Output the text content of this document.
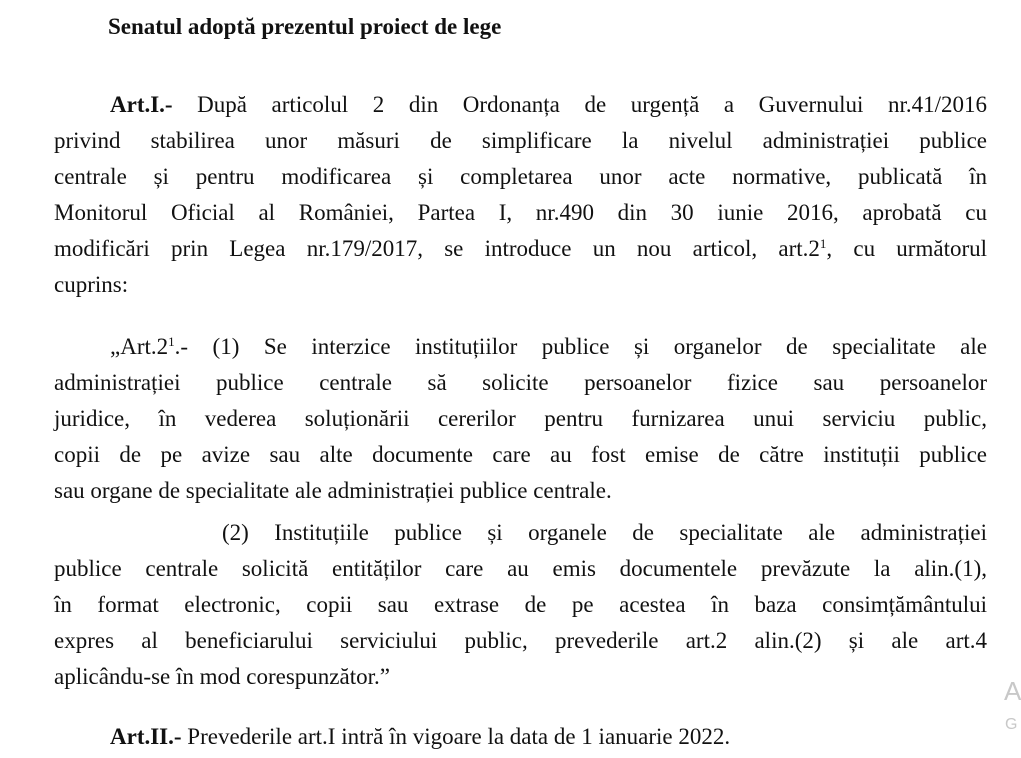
Senatul adoptă prezentul proiect de lege
Art.I.- După articolul 2 din Ordonanța de urgență a Guvernului nr.41/2016
privind stabilirea unor măsuri de simplificare la nivelul administrației publice
centrale și pentru modificarea și completarea unor acte normative, publicată în
Monitorul Oficial al României, Partea I, nr.490 din 30 iunie 2016, aprobată cu
modificări prin Legea nr.179/2017, se introduce un nou articol, $art.2^1$, cu următorul
cuprins:
$„Art.2^1.-$ (1) Se interzice instituțiilor publice și organelor de specialitate ale
administrației publice centrale să solicite persoanelor fizice sau persoanelor
juridice, în vederea soluționării cererilor pentru furnizarea unui serviciu public,
copii de pe avize sau alte documente care au fost emise de către instituții publice
sau organe de specialitate ale administrației publice centrale.
(2) Instituțiile publice și organele de specialitate ale administrației
publice centrale solicită entităților care au emis documentele prevăzute la alin.(1),
în format electronic, copii sau extrase de pe acestea în baza consimțământului
expres al beneficiarului serviciului public, prevederile art.2 alin.(2) și ale art.4
aplicându-se în mod corespunzător.”
Art.II.- Prevederile art.I intră în vigoare la data de 1 ianuarie 2022.
A
G
